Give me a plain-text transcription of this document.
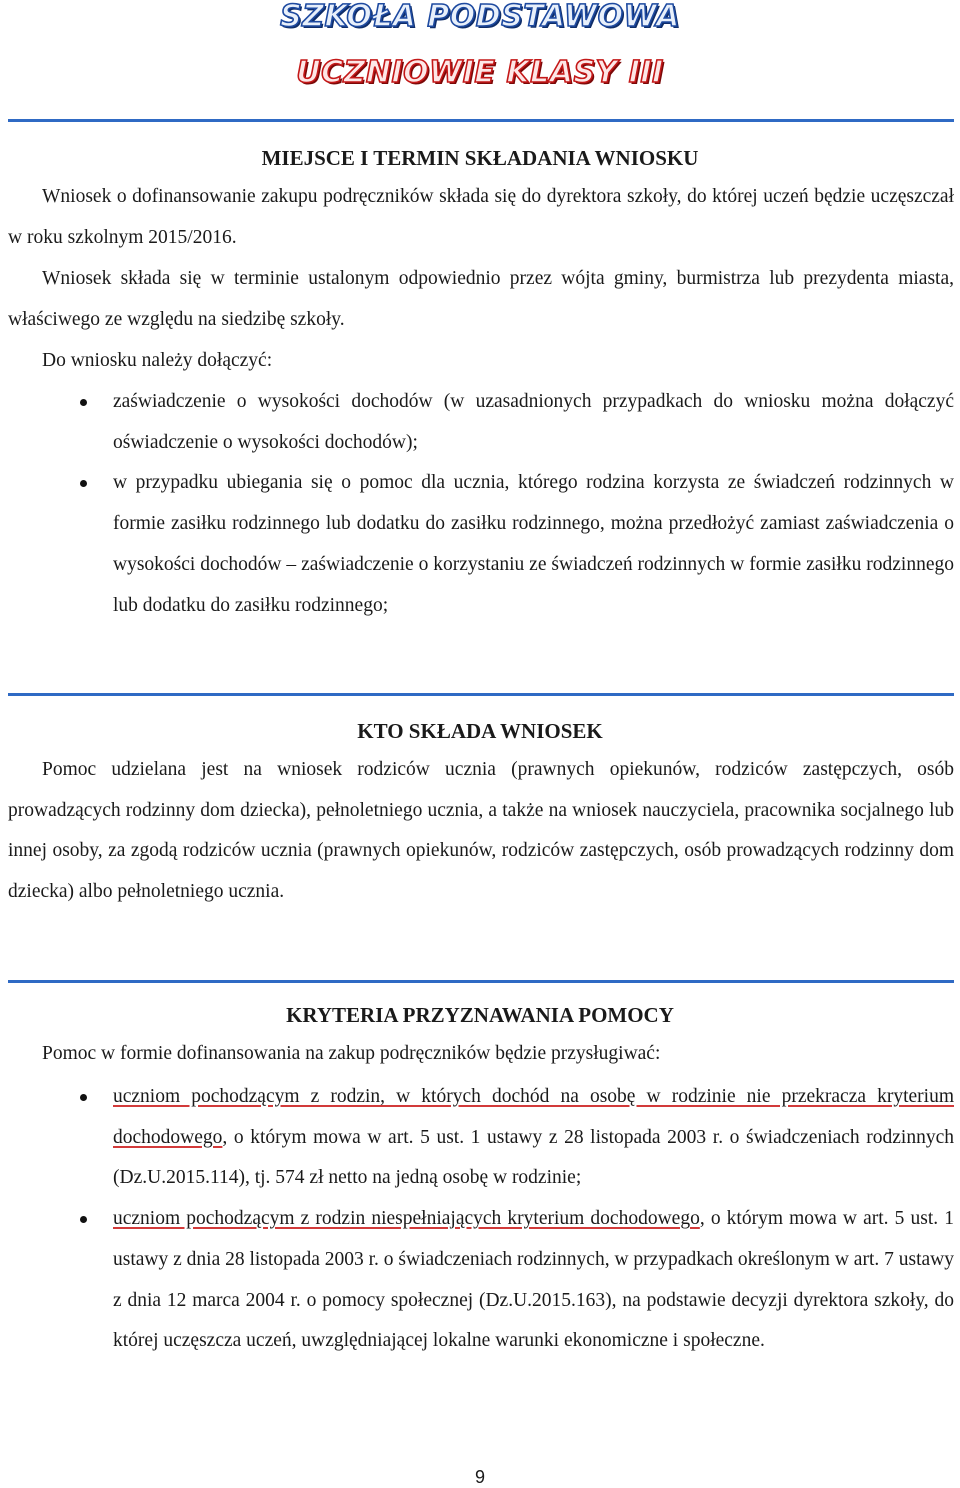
SZKOŁA PODSTAWOWA
UCZNIOWIE KLASY III
MIEJSCE I TERMIN SKŁADANIA WNIOSKU

Wniosek o dofinansowanie zakupu podręczników składa się do dyrektora szkoły, do której uczeń będzie uczęszczał w roku szkolnym 2015/2016.

Wniosek składa się w terminie ustalonym odpowiednio przez wójta gminy, burmistrza lub prezydenta miasta, właściwego ze względu na siedzibę szkoły.

Do wniosku należy dołączyć:

zaświadczenie o wysokości dochodów (w uzasadnionych przypadkach do wniosku można dołączyć oświadczenie o wysokości dochodów);
w przypadku ubiegania się o pomoc dla ucznia, którego rodzina korzysta ze świadczeń rodzinnych w formie zasiłku rodzinnego lub dodatku do zasiłku rodzinnego, można przedłożyć zamiast zaświadczenia o wysokości dochodów – zaświadczenie o korzystaniu ze świadczeń rodzinnych w formie zasiłku rodzinnego lub dodatku do zasiłku rodzinnego;
KTO SKŁADA WNIOSEK

Pomoc udzielana jest na wniosek rodziców ucznia (prawnych opiekunów, rodziców zastępczych, osób prowadzących rodzinny dom dziecka), pełnoletniego ucznia, a także na wniosek nauczyciela, pracownika socjalnego lub innej osoby, za zgodą rodziców ucznia (prawnych opiekunów, rodziców zastępczych, osób prowadzących rodzinny dom dziecka) albo pełnoletniego ucznia.

KRYTERIA PRZYZNAWANIA POMOCY

Pomoc w formie dofinansowania na zakup podręczników będzie przysługiwać:

uczniom pochodzącym z rodzin, w których dochód na osobę w rodzinie nie przekracza kryterium dochodowego, o którym mowa w art. 5 ust. 1 ustawy z 28 listopada 2003 r. o świadczeniach rodzinnych (Dz.U.2015.114), tj. 574 zł netto na jedną osobę w rodzinie;
uczniom pochodzącym z rodzin niespełniających kryterium dochodowego, o którym mowa w art. 5 ust. 1 ustawy z dnia 28 listopada 2003 r. o świadczeniach rodzinnych, w przypadkach określonym w art. 7 ustawy z dnia 12 marca 2004 r. o pomocy społecznej (Dz.U.2015.163), na podstawie decyzji dyrektora szkoły, do której uczęszcza uczeń, uwzględniającej lokalne warunki ekonomiczne i społeczne.
9
